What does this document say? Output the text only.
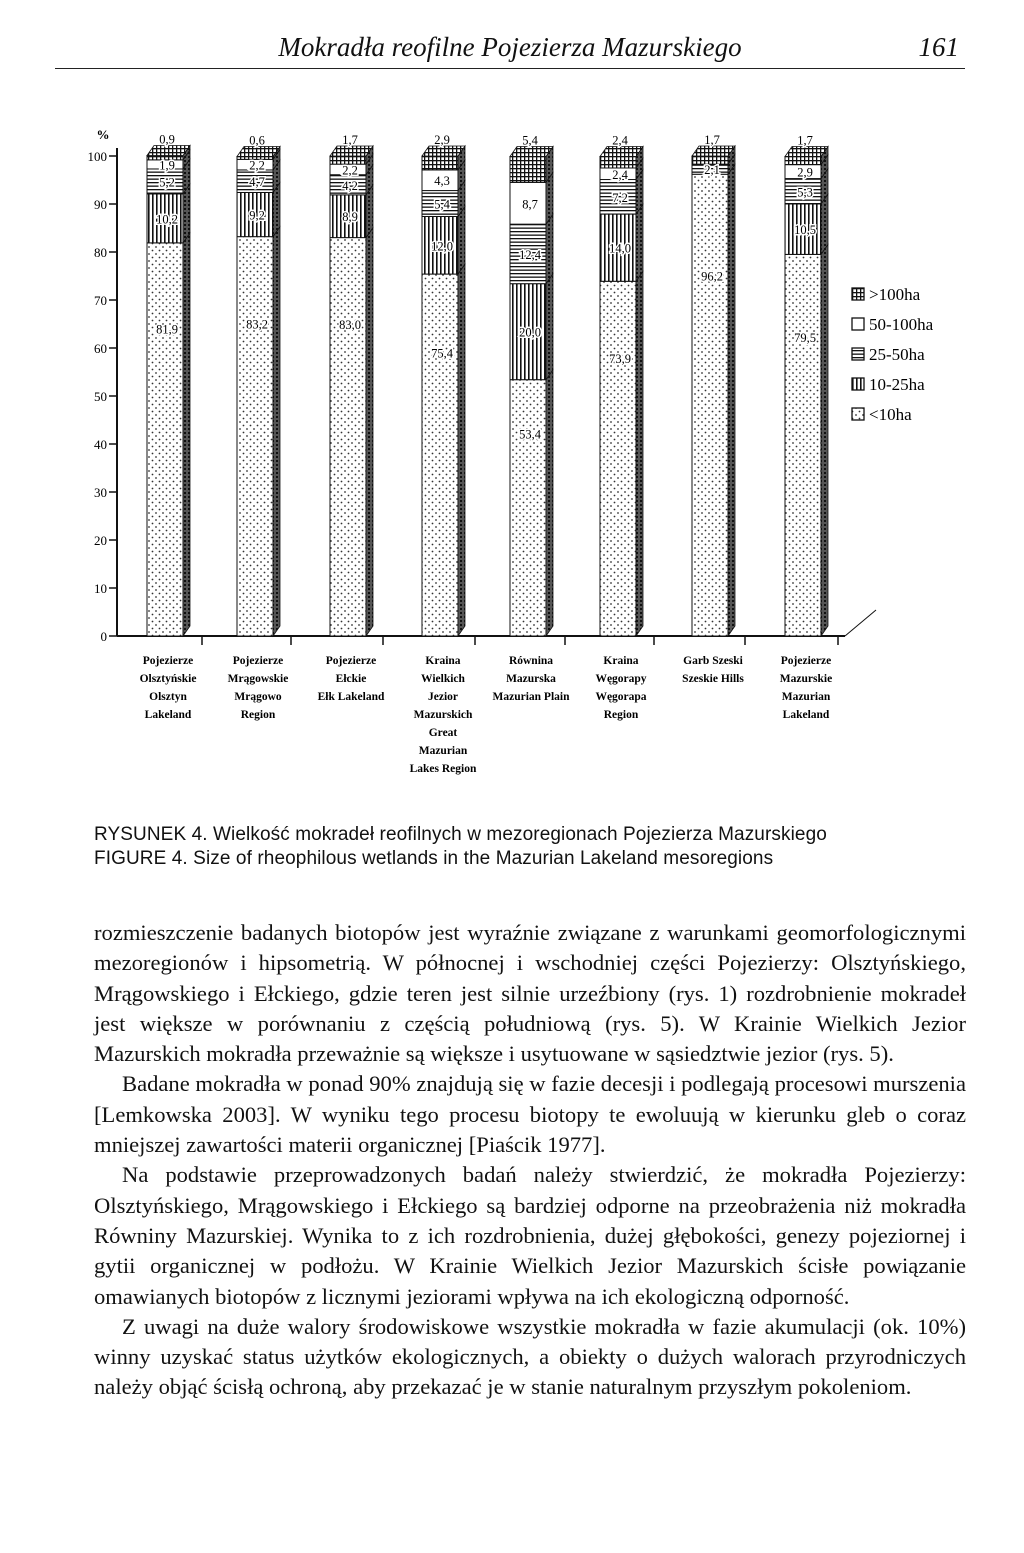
Mokradła reofilne Pojezierza Mazurskiego	161
%
0
10
20
30
40
50
60
70
80
90
100
81,9
10,2
5,2
1,9
0,9
83,2
9,2
4,7
2,2
0,6
83,0
8,9
4,2
2,2
1,7
75,4
12,0
5,4
4,3
2,9
53,4
20,0
12,4
8,7
5,4
73,9
14,0
7,2
2,4
2,4
96,2
2,1
1,7
79,5
10,5
5,3
2,9
1,7
Pojezierze
Olsztyńskie
Olsztyn
Lakeland
Pojezierze
Mrągowskie
Mrągowo
Region
Pojezierze
Ełckie
Ełk Lakeland
Kraina
Wielkich
Jezior
Mazurskich
Great
Mazurian
Lakes Region
Równina
Mazurska
Mazurian Plain
Kraina
Węgorapy
Węgorapa
Region
Garb Szeski
Szeskie Hills
Pojezierze
Mazurskie
Mazurian
Lakeland
>100ha
50-100ha
25-50ha
10-25ha
<10ha
RYSUNEK 4. Wielkość mokradeł reofilnych w mezoregionach Pojezierza Mazurskiego
FIGURE 4. Size of rheophilous wetlands in the Mazurian Lakeland mesoregions

rozmieszczenie badanych biotopów jest wyraźnie związane z warunkami geomorfologicznymi mezoregionów i hipsometrią. W północnej i wschodniej części Pojezierzy: Olsztyńskiego, Mrągowskiego i Ełckiego, gdzie teren jest silnie urzeźbiony (rys. 1) rozdrobnienie mokradeł jest większe w porównaniu z częścią południową (rys. 5). W Krainie Wielkich Jezior Mazurskich mokradła przeważnie są większe i usytuowane w sąsiedztwie jezior (rys. 5).

Badane mokradła w ponad 90% znajdują się w fazie decesji i podlegają procesowi murszenia [Lemkowska 2003]. W wyniku tego procesu biotopy te ewoluują w kierunku gleb o coraz mniejszej zawartości materii organicznej [Piaścik 1977].

Na podstawie przeprowadzonych badań należy stwierdzić, że mokradła Pojezierzy: Olsztyńskiego, Mrągowskiego i Ełckiego są bardziej odporne na przeobrażenia niż mokradła Równiny Mazurskiej. Wynika to z ich rozdrobnienia, dużej głębokości, genezy pojeziornej i gytii organicznej w podłożu. W Krainie Wielkich Jezior Mazurskich ścisłe powiązanie omawianych biotopów z licznymi jeziorami wpływa na ich ekologiczną odporność.

Z uwagi na duże walory środowiskowe wszystkie mokradła w fazie akumulacji (ok. 10%) winny uzyskać status użytków ekologicznych, a obiekty o dużych walorach przyrodniczych należy objąć ścisłą ochroną, aby przekazać je w stanie naturalnym przyszłym pokoleniom.
